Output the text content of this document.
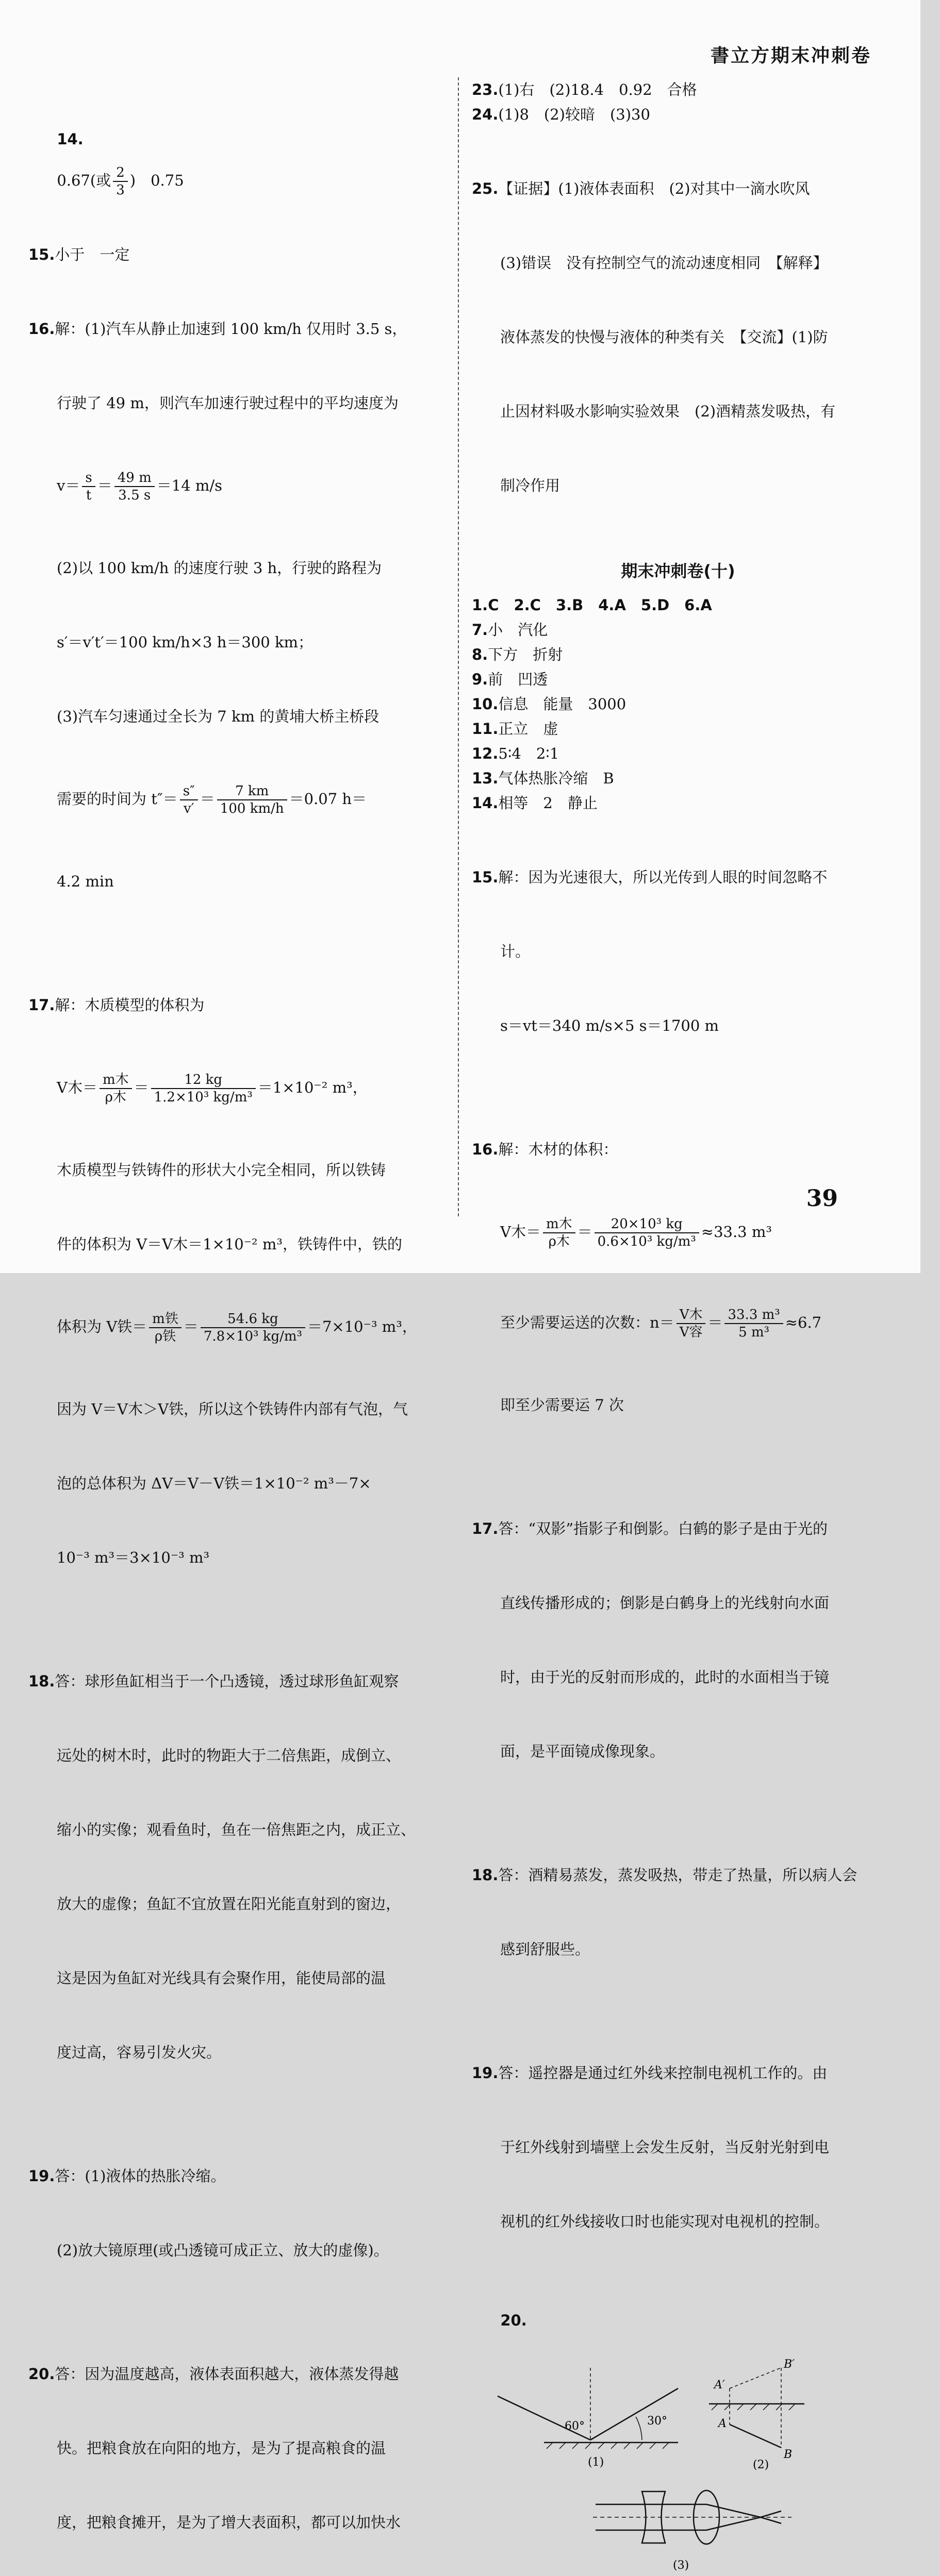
書立方期末冲刺卷

14.
0.67(或 $\frac{2}{3}$ )　0.75

15.小于　一定

16.解：(1)汽车从静止加速到 100 km/h 仅用时 3.5 s，

行驶了 49 m，则汽车加速行驶过程中的平均速度为

$v= \frac{s}{t} = \frac{49 m}{3.5 s} =14$ m/s

(2)以 100 km/h 的速度行驶 3 h，行驶的路程为

s′＝v′t′＝100 km/h×3 h＝300 km；

(3)汽车匀速通过全长为 7 km 的黄埔大桥主桥段

需要的时间为 $t''= \frac{s''}{v'} = \frac{7 km}{100 km/h} =0.07$ h＝

4.2 min

17.解：木质模型的体积为

V木＝ $\frac{\text{m木}}{\text{ρ木}} = \frac{12 kg}{\text{1.2×10³ kg/m³}} =1\times 10^{-2}$ m³，

木质模型与铁铸件的形状大小完全相同，所以铁铸

件的体积为 V＝V木＝1×10⁻² m³，铁铸件中，铁的

体积为 V铁＝ $\frac{\text{m铁}}{\text{ρ铁}} = \frac{54.6 kg}{\text{7.8×10³ kg/m³}} =7\times 10^{-3}$ m³，

因为 V＝V木＞V铁，所以这个铁铸件内部有气泡，气

泡的总体积为 ΔV＝V－V铁＝1×10⁻² m³－7×

10⁻³ m³＝3×10⁻³ m³

18.答：球形鱼缸相当于一个凸透镜，透过球形鱼缸观察

远处的树木时，此时的物距大于二倍焦距，成倒立、

缩小的实像；观看鱼时，鱼在一倍焦距之内，成正立、

放大的虚像；鱼缸不宜放置在阳光能直射到的窗边，

这是因为鱼缸对光线具有会聚作用，能使局部的温

度过高，容易引发火灾。

19.答：(1)液体的热胀冷缩。

(2)放大镜原理(或凸透镜可成正立、放大的虚像)。

20.答：因为温度越高，液体表面积越大，液体蒸发得越

快。把粮食放在向阳的地方，是为了提高粮食的温

度，把粮食摊开，是为了增大表面积，都可以加快水

23.(1)右　(2)18.4　0.92　合格
24.(1)8　(2)较暗　(3)30

25.【证据】(1)液体表面积　(2)对其中一滴水吹风

(3)错误　没有控制空气的流动速度相同　【解释】

液体蒸发的快慢与液体的种类有关　【交流】(1)防

止因材料吸水影响实验效果　(2)酒精蒸发吸热，有

制冷作用

期末冲刺卷(十)
1.C　2.C　3.B　4.A　5.D　6.A
7.小　汽化
8.下方　折射
9.前　凹透
10.信息　能量　3000
11.正立　虚
12.5∶4　2∶1
13.气体热胀冷缩　B
14.相等　2　静止

15.解：因为光速很大，所以光传到人眼的时间忽略不

计。

s＝vt＝340 m/s×5 s＝1700 m

16.解：木材的体积：

V木＝ $\frac{\text{m木}}{\text{ρ木}} = \frac{\text{20×10³ kg}}{\text{0.6×10³ kg/m³}} \approx 33.3$ m³

至少需要运送的次数：$n= \frac{\text{V木}}{\text{V容}} = \frac{\text{33.3 m³}}{\text{5 m³}} \approx 6.7$

即至少需要运 7 次

17.答：“双影”指影子和倒影。白鹤的影子是由于光的

直线传播形成的；倒影是白鹤身上的光线射向水面

时，由于光的反射而形成的，此时的水面相当于镜

面，是平面镜成像现象。

18.答：酒精易蒸发，蒸发吸热，带走了热量，所以病人会

感到舒服些。

19.答：遥控器是通过红外线来控制电视机工作的。由

于红外线射到墙壁上会发生反射，当反射光射到电

视机的红外线接收口时也能实现对电视机的控制。

20.

60°	30°
(1)
A′
B′
A
B
(2)
(3)

39
